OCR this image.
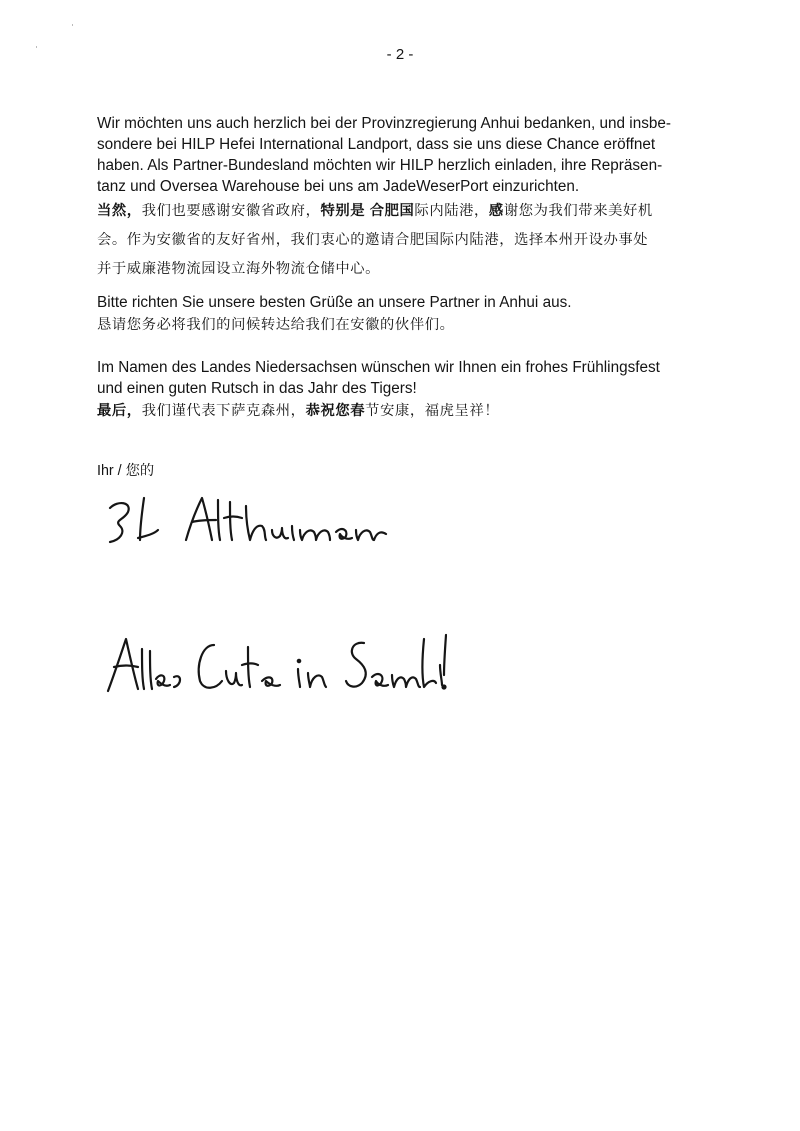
- 2 -
Wir möchten uns auch herzlich bei der Provinzregierung Anhui bedanken, und insbe-
sondere bei HILP Hefei International Landport, dass sie uns diese Chance eröffnet
haben. Als Partner-Bundesland möchten wir HILP herzlich einladen, ihre Repräsen-
tanz und Oversea Warehouse bei uns am JadeWeserPort einzurichten.
当然，我们也要感谢安徽省政府，特别是 合肥国际内陆港，感谢您为我们带来美好机
会。作为安徽省的友好省州，我们衷心的邀请合肥国际内陆港，选择本州开设办事处
并于威廉港物流园设立海外物流仓储中心。
Bitte richten Sie unsere besten Grüße an unsere Partner in Anhui aus.
恳请您务必将我们的问候转达给我们在安徽的伙伴们。
Im Namen des Landes Niedersachsen wünschen wir Ihnen ein frohes Frühlingsfest
und einen guten Rutsch in das Jahr des Tigers!
最后，我们谨代表下萨克森州，恭祝您春节安康，福虎呈祥！
Ihr / 您的
